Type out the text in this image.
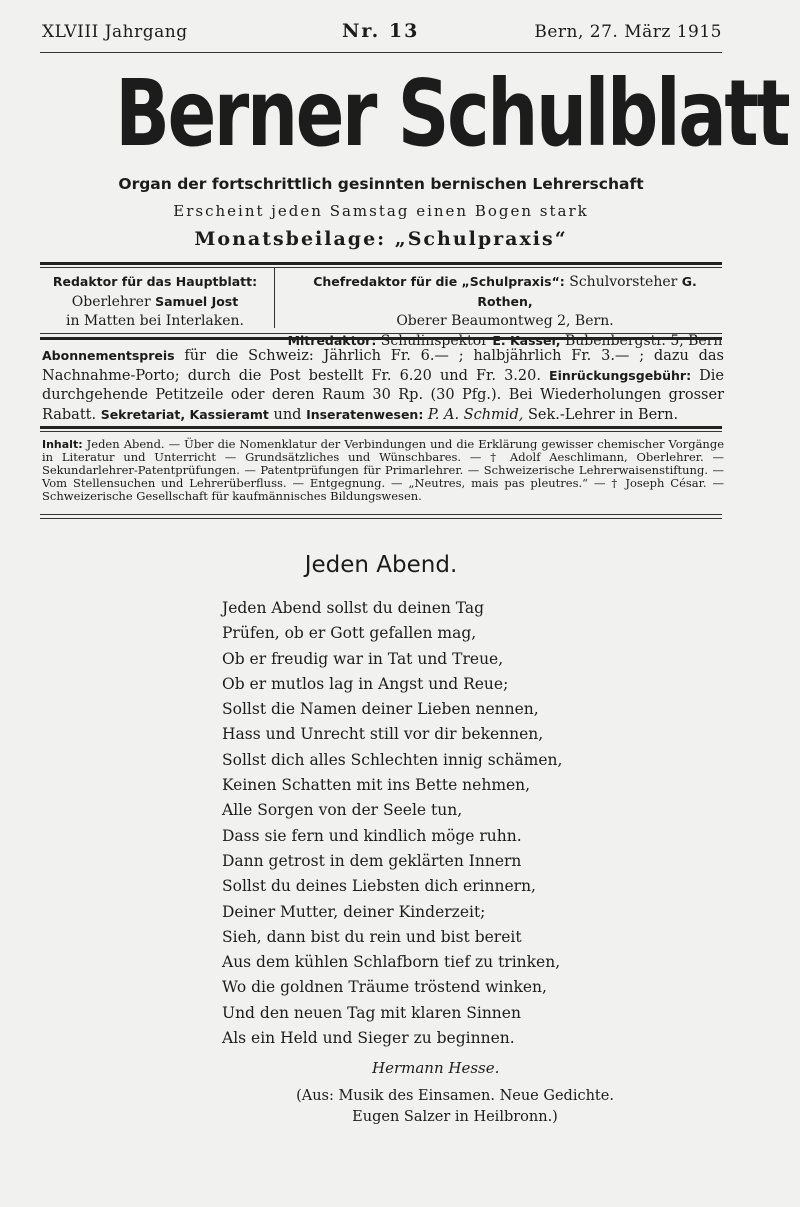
XLVIII Jahrgang	Nr. 13	Bern, 27. März 1915
Berner Schulblatt
Organ der fortschrittlich gesinnten bernischen Lehrerschaft
Erscheint jeden Samstag einen Bogen stark
Monatsbeilage: „Schulpraxis“
Redaktor für das Hauptblatt:
Oberlehrer Samuel Jost
in Matten bei Interlaken.
Chefredaktor für die „Schulpraxis“: Schulvorsteher G. Rothen,
Oberer Beaumontweg 2, Bern.
Mitredaktor: Schulinspektor E. Kasser, Bubenbergstr. 5, Bern
Abonnementspreis für die Schweiz: Jährlich Fr. 6.— ; halbjährlich Fr. 3.— ; dazu das Nachnahme-Porto; durch die Post bestellt Fr. 6.20 und Fr. 3.20. Einrückungsgebühr: Die durchgehende Petitzeile oder deren Raum 30 Rp. (30 Pfg.). Bei Wiederholungen grosser Rabatt. Sekretariat, Kassieramt und Inseratenwesen: P. A. Schmid, Sek.-Lehrer in Bern.
Inhalt: Jeden Abend. — Über die Nomenklatur der Verbindungen und die Erklärung gewisser chemischer Vorgänge in Literatur und Unterricht — Grundsätzliches und Wünschbares. — † Adolf Aeschlimann, Oberlehrer. — Sekundarlehrer-Patentprüfungen. — Patentprüfungen für Primarlehrer. — Schweizerische Lehrerwaisenstiftung. — Vom Stellensuchen und Lehrerüberfluss. — Entgegnung. — „Neutres, mais pas pleutres.“ — † Joseph César. — Schweizerische Gesellschaft für kaufmännisches Bildungswesen.
Jeden Abend.
Jeden Abend sollst du deinen Tag
Prüfen, ob er Gott gefallen mag,
Ob er freudig war in Tat und Treue,
Ob er mutlos lag in Angst und Reue;
Sollst die Namen deiner Lieben nennen,
Hass und Unrecht still vor dir bekennen,
Sollst dich alles Schlechten innig schämen,
Keinen Schatten mit ins Bette nehmen,
Alle Sorgen von der Seele tun,
Dass sie fern und kindlich möge ruhn.
Dann getrost in dem geklärten Innern
Sollst du deines Liebsten dich erinnern,
Deiner Mutter, deiner Kinderzeit;
Sieh, dann bist du rein und bist bereit
Aus dem kühlen Schlafborn tief zu trinken,
Wo die goldnen Träume tröstend winken,
Und den neuen Tag mit klaren Sinnen
Als ein Held und Sieger zu beginnen.
Hermann Hesse.
(Aus: Musik des Einsamen. Neue Gedichte.
Eugen Salzer in Heilbronn.)
